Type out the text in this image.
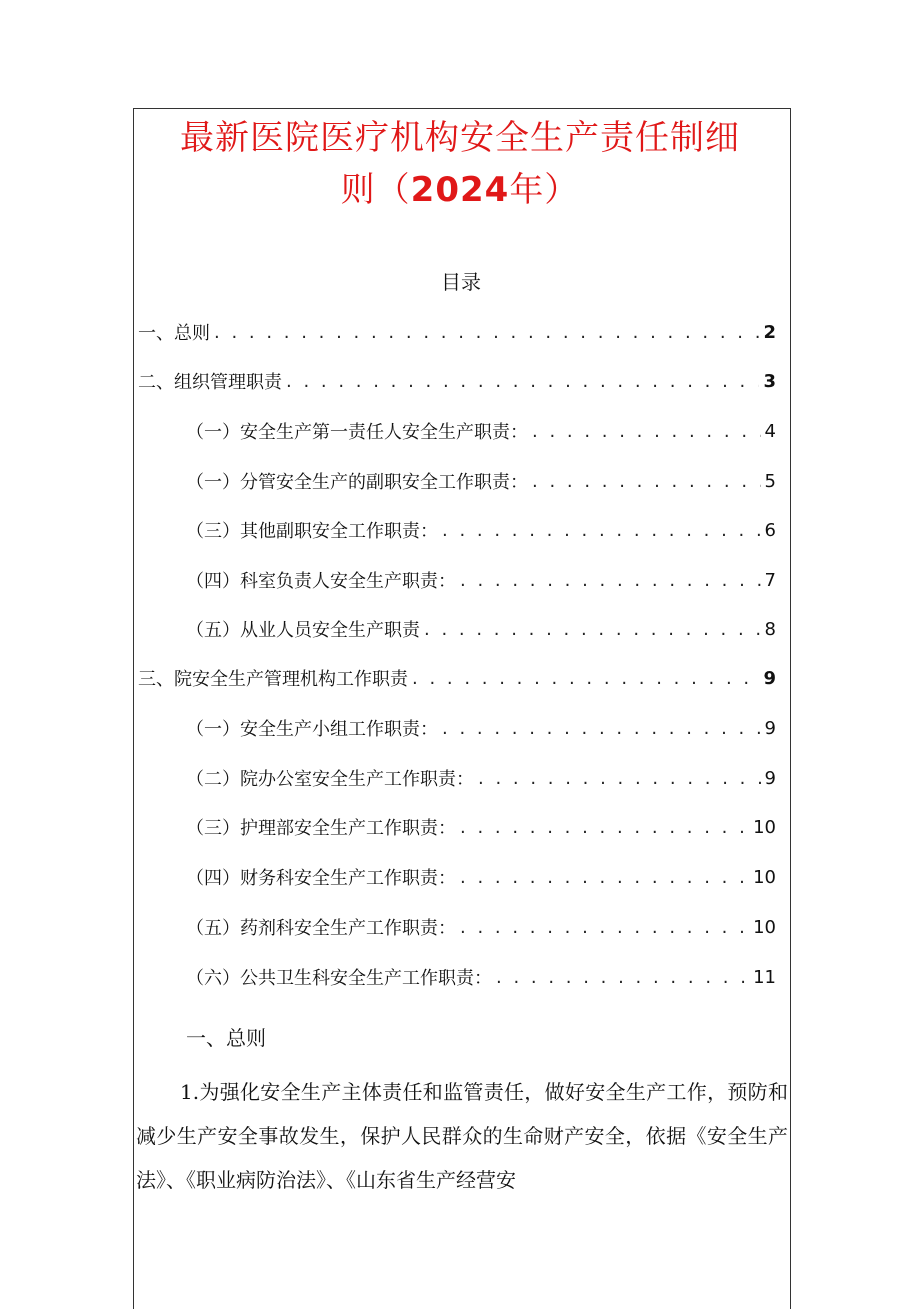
最新医院医疗机构安全生产责任制细
则（2024年）
目录
一、总则 . . .	2
二、组织管理职责 . . .	3
（一）安全生产第一责任人安全生产职责： . . .	4
（一）分管安全生产的副职安全工作职责： . . .	5
（三）其他副职安全工作职责： . . .	6
（四）科室负责人安全生产职责： . . .	7
（五）从业人员安全生产职责 . . .	8
三、院安全生产管理机构工作职责 . . .	9
（一）安全生产小组工作职责： . . .	9
（二）院办公室安全生产工作职责： . . .	9
（三）护理部安全生产工作职责： . . .	10
（四）财务科安全生产工作职责： . . .	10
（五）药剂科安全生产工作职责： . . .	10
（六）公共卫生科安全生产工作职责： . . .	11
一、总则
1.为强化安全生产主体责任和监管责任，做好安全生产工作，预防和减少生产安全事故发生，保护人民群众的生命财产安全，依据《安全生产法》、《职业病防治法》、《山东省生产经营安
